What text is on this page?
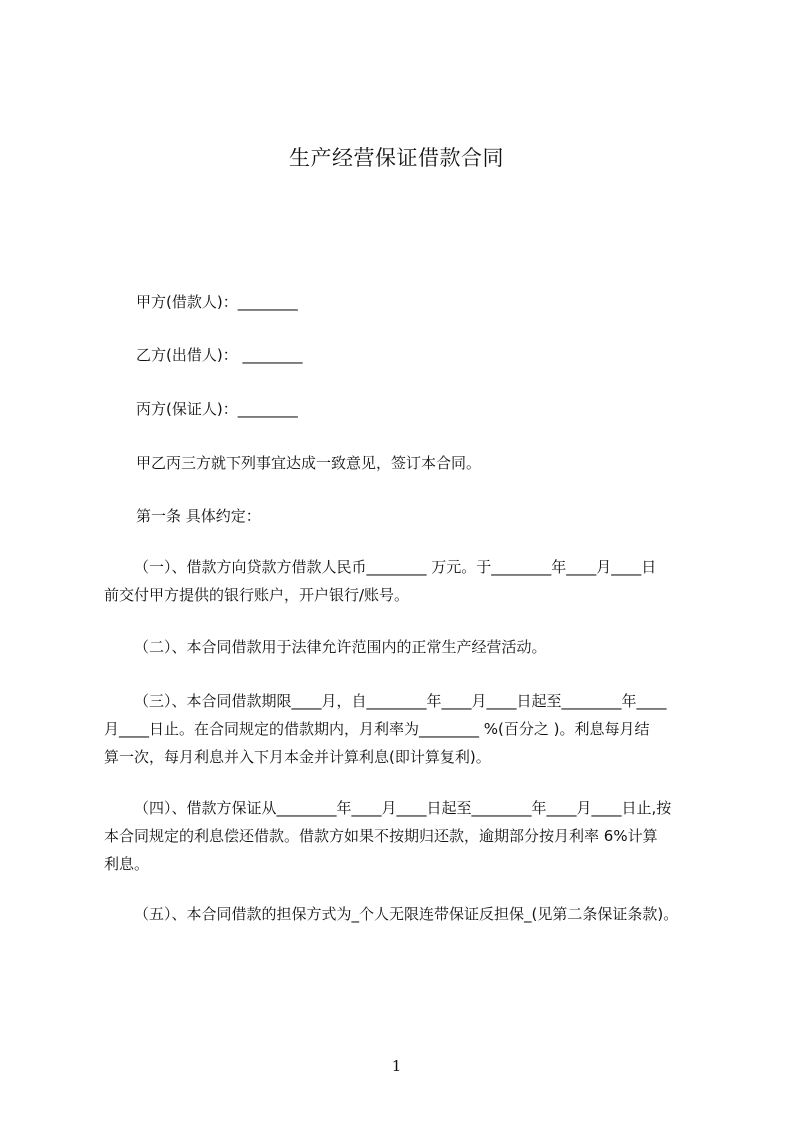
生产经营保证借款合同
甲方(借款人)：________
乙方(出借人)： ________
丙方(保证人)：________
甲乙丙三方就下列事宜达成一致意见，签订本合同。
第一条 具体约定：
（一）、借款方向贷款方借款人民币________ 万元。于________年____月____日
前交付甲方提供的银行账户，开户银行/账号。
（二）、本合同借款用于法律允许范围内的正常生产经营活动。
（三）、本合同借款期限____月，自________年____月____日起至________年____
月____日止。在合同规定的借款期内，月利率为________ %(百分之 )。利息每月结
算一次，每月利息并入下月本金并计算利息(即计算复利)。
（四）、借款方保证从________年____月____日起至________年____月____日止,按
本合同规定的利息偿还借款。借款方如果不按期归还款，逾期部分按月利率 6%计算
利息。
（五）、本合同借款的担保方式为_个人无限连带保证反担保_(见第二条保证条款)。
1
